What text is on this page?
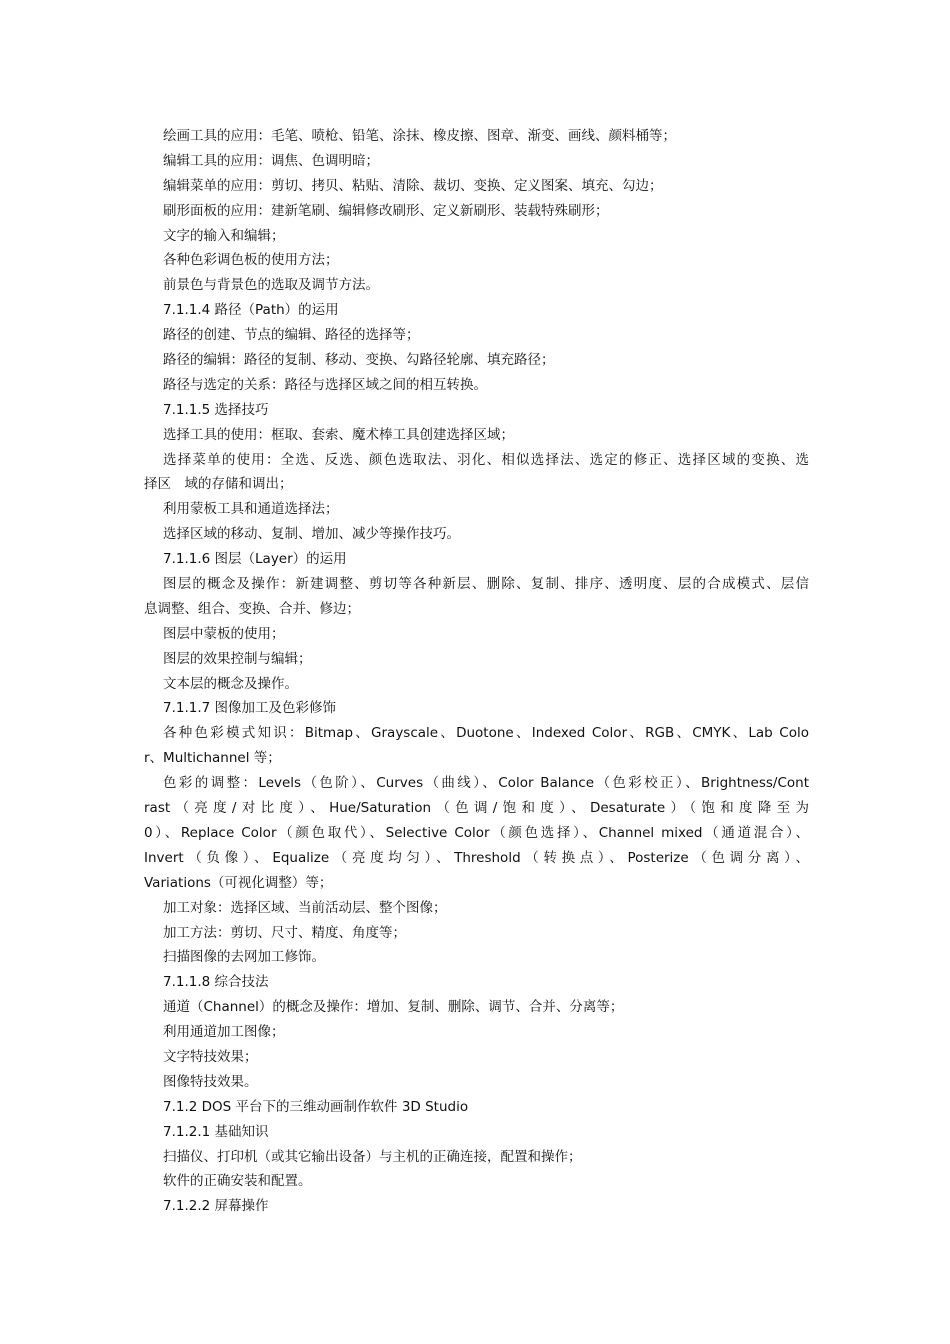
绘画工具的应用：毛笔、喷枪、铅笔、涂抹、橡皮擦、图章、渐变、画线、颜料桶等；
编辑工具的应用：调焦、色调明暗；
编辑菜单的应用：剪切、拷贝、粘贴、清除、裁切、变换、定义图案、填充、勾边；
刷形面板的应用：建新笔刷、编辑修改刷形、定义新刷形、装载特殊刷形；
文字的输入和编辑；
各种色彩调色板的使用方法；
前景色与背景色的选取及调节方法。
7.1.1.4 路径（Path）的运用
路径的创建、节点的编辑、路径的选择等；
路径的编辑：路径的复制、移动、变换、勾路径轮廓、填充路径；
路径与选定的关系：路径与选择区域之间的相互转换。
7.1.1.5 选择技巧
选择工具的使用：框取、套索、魔术棒工具创建选择区域；
选择菜单的使用：全选、反选、颜色选取法、羽化、相似选择法、选定的修正、选择区域的变换、选
择区　域的存储和调出；
利用蒙板工具和通道选择法；
选择区域的移动、复制、增加、减少等操作技巧。
7.1.1.6 图层（Layer）的运用
图层的概念及操作：新建调整、剪切等各种新层、删除、复制、排序、透明度、层的合成模式、层信
息调整、组合、变换、合并、修边；
图层中蒙板的使用；
图层的效果控制与编辑；
文本层的概念及操作。
7.1.1.7 图像加工及色彩修饰
各种色彩模式知识：Bitmap、Grayscale、Duotone、Indexed Color、RGB、CMYK、Lab Colo
r、Multichannel 等；
色彩的调整：Levels（色阶）、Curves（曲线）、Color Balance（色彩校正）、Brightness/Cont
rast（亮度/对比度）、Hue/Saturation（色调/饱和度）、Desaturate）（饱和度降至为
0）、Replace Color（颜色取代）、Selective Color（颜色选择）、Channel mixed（通道混合）、
Invert（负像）、Equalize（亮度均匀）、Threshold（转换点）、Posterize（色调分离）、
Variations（可视化调整）等；
加工对象：选择区域、当前活动层、整个图像；
加工方法：剪切、尺寸、精度、角度等；
扫描图像的去网加工修饰。
7.1.1.8 综合技法
通道（Channel）的概念及操作：增加、复制、删除、调节、合并、分离等；
利用通道加工图像；
文字特技效果；
图像特技效果。
7.1.2 DOS 平台下的三维动画制作软件 3D Studio
7.1.2.1 基础知识
扫描仪、打印机（或其它输出设备）与主机的正确连接，配置和操作；
软件的正确安装和配置。
7.1.2.2 屏幕操作
